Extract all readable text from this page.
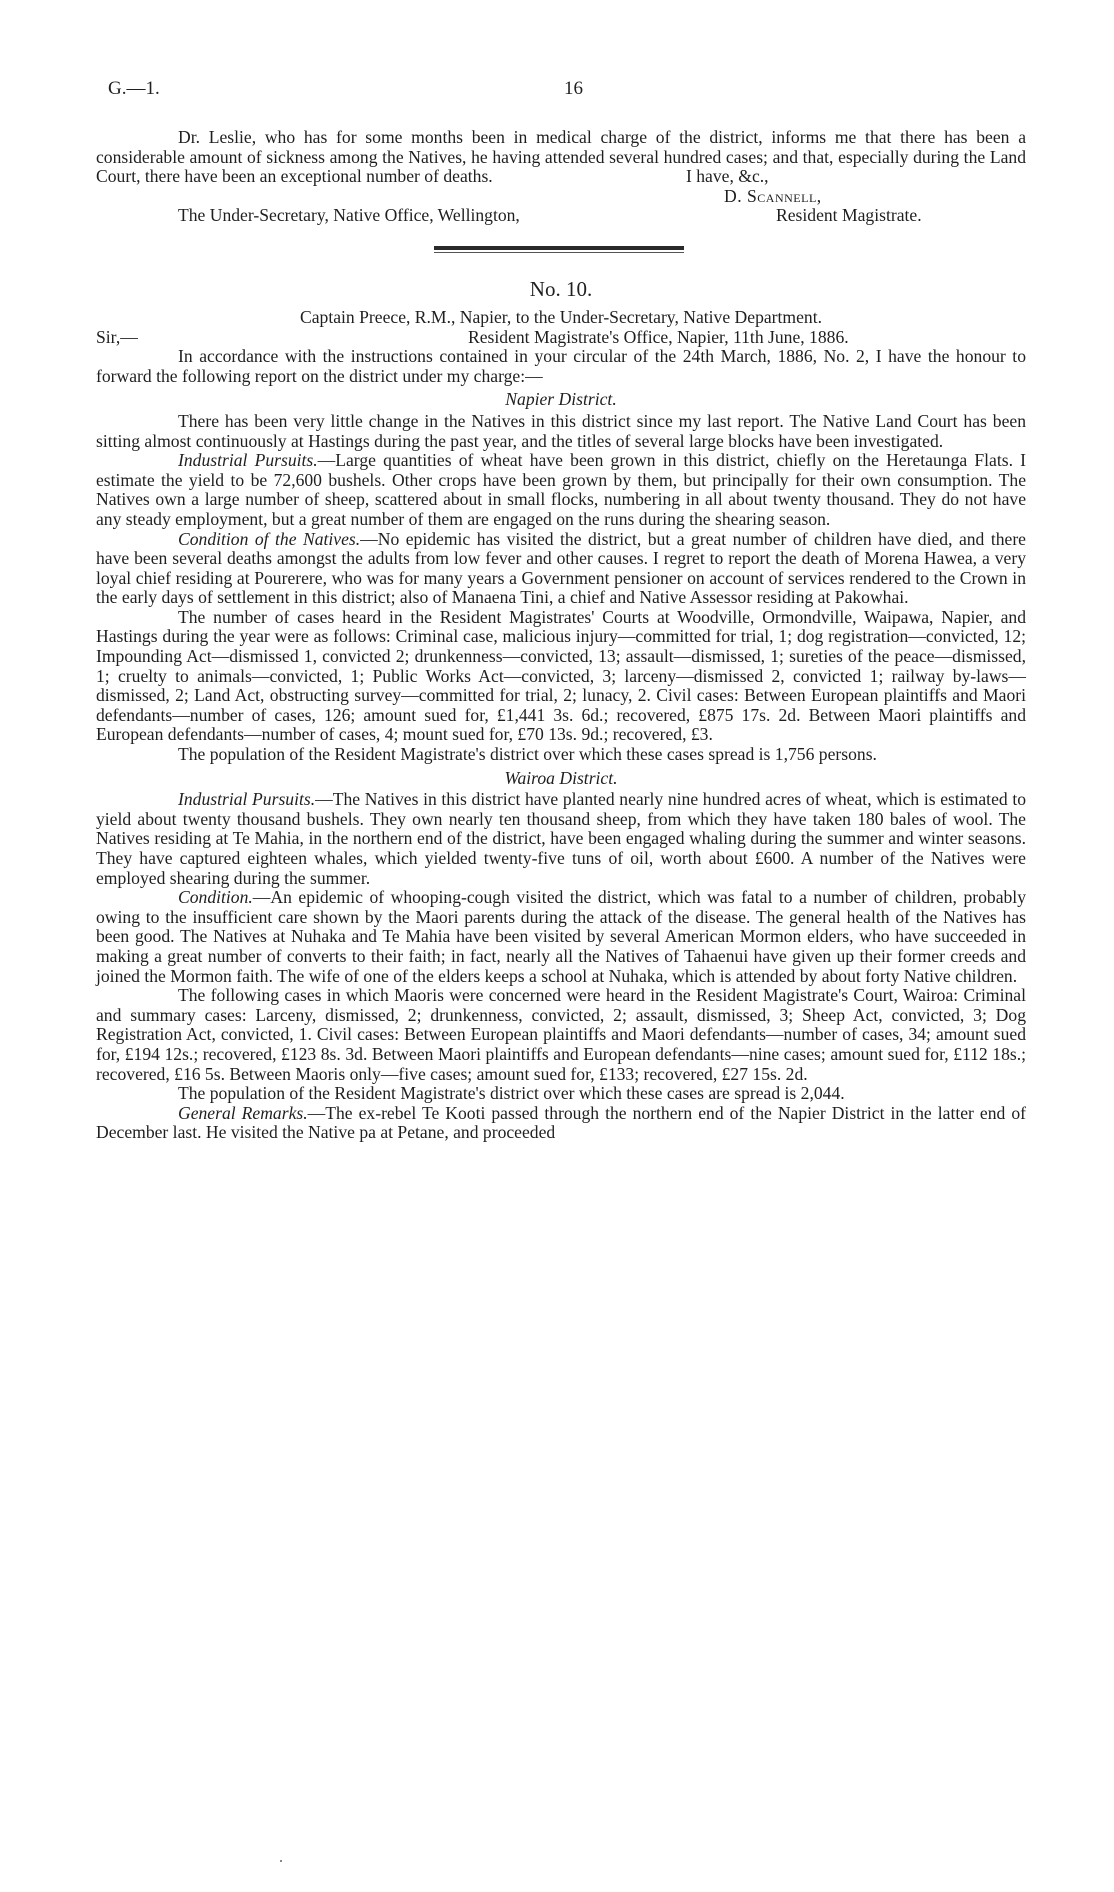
G.—1.	16

Dr. Leslie, who has for some months been in medical charge of the district, informs me that there has been a considerable amount of sickness among the Natives, he having attended several hundred cases; and that, especially during the Land Court, there have been an exceptional number of deaths.	I have, &c.,
D. Scannell,
The Under-Secretary, Native Office, Wellington,	Resident Magistrate.
No. 10.

Captain Preece, R.M., Napier, to the Under-Secretary, Native Department.

Sir,—	Resident Magistrate's Office, Napier, 11th June, 1886.

In accordance with the instructions contained in your circular of the 24th March, 1886, No. 2, I have the honour to forward the following report on the district under my charge:—

Napier District.

There has been very little change in the Natives in this district since my last report. The Native Land Court has been sitting almost continuously at Hastings during the past year, and the titles of several large blocks have been investigated.

Industrial Pursuits.—Large quantities of wheat have been grown in this district, chiefly on the Heretaunga Flats. I estimate the yield to be 72,600 bushels. Other crops have been grown by them, but principally for their own consumption. The Natives own a large number of sheep, scattered about in small flocks, numbering in all about twenty thousand. They do not have any steady employment, but a great number of them are engaged on the runs during the shearing season.

Condition of the Natives.—No epidemic has visited the district, but a great number of children have died, and there have been several deaths amongst the adults from low fever and other causes. I regret to report the death of Morena Hawea, a very loyal chief residing at Pourerere, who was for many years a Government pensioner on account of services rendered to the Crown in the early days of settlement in this district; also of Manaena Tini, a chief and Native Assessor residing at Pakowhai.

The number of cases heard in the Resident Magistrates' Courts at Woodville, Ormondville, Waipawa, Napier, and Hastings during the year were as follows: Criminal case, malicious injury—committed for trial, 1; dog registration—convicted, 12; Impounding Act—dismissed 1, convicted 2; drunkenness—convicted, 13; assault—dismissed, 1; sureties of the peace—dismissed, 1; cruelty to animals—convicted, 1; Public Works Act—convicted, 3; larceny—dismissed 2, convicted 1; railway by-laws—dismissed, 2; Land Act, obstructing survey—committed for trial, 2; lunacy, 2. Civil cases: Between European plaintiffs and Maori defendants—number of cases, 126; amount sued for, £1,441 3s. 6d.; recovered, £875 17s. 2d. Between Maori plaintiffs and European defendants—number of cases, 4; mount sued for, £70 13s. 9d.; recovered, £3.

The population of the Resident Magistrate's district over which these cases spread is 1,756 persons.

Wairoa District.

Industrial Pursuits.—The Natives in this district have planted nearly nine hundred acres of wheat, which is estimated to yield about twenty thousand bushels. They own nearly ten thousand sheep, from which they have taken 180 bales of wool. The Natives residing at Te Mahia, in the northern end of the district, have been engaged whaling during the summer and winter seasons. They have captured eighteen whales, which yielded twenty-five tuns of oil, worth about £600. A number of the Natives were employed shearing during the summer.

Condition.—An epidemic of whooping-cough visited the district, which was fatal to a number of children, probably owing to the insufficient care shown by the Maori parents during the attack of the disease. The general health of the Natives has been good. The Natives at Nuhaka and Te Mahia have been visited by several American Mormon elders, who have succeeded in making a great number of converts to their faith; in fact, nearly all the Natives of Tahaenui have given up their former creeds and joined the Mormon faith. The wife of one of the elders keeps a school at Nuhaka, which is attended by about forty Native children.

The following cases in which Maoris were concerned were heard in the Resident Magistrate's Court, Wairoa: Criminal and summary cases: Larceny, dismissed, 2; drunkenness, convicted, 2; assault, dismissed, 3; Sheep Act, convicted, 3; Dog Registration Act, convicted, 1. Civil cases: Between European plaintiffs and Maori defendants—number of cases, 34; amount sued for, £194 12s.; recovered, £123 8s. 3d. Between Maori plaintiffs and European defendants—nine cases; amount sued for, £112 18s.; recovered, £16 5s. Between Maoris only—five cases; amount sued for, £133; recovered, £27 15s. 2d.

The population of the Resident Magistrate's district over which these cases are spread is 2,044.

General Remarks.—The ex-rebel Te Kooti passed through the northern end of the Napier District in the latter end of December last. He visited the Native pa at Petane, and proceeded
